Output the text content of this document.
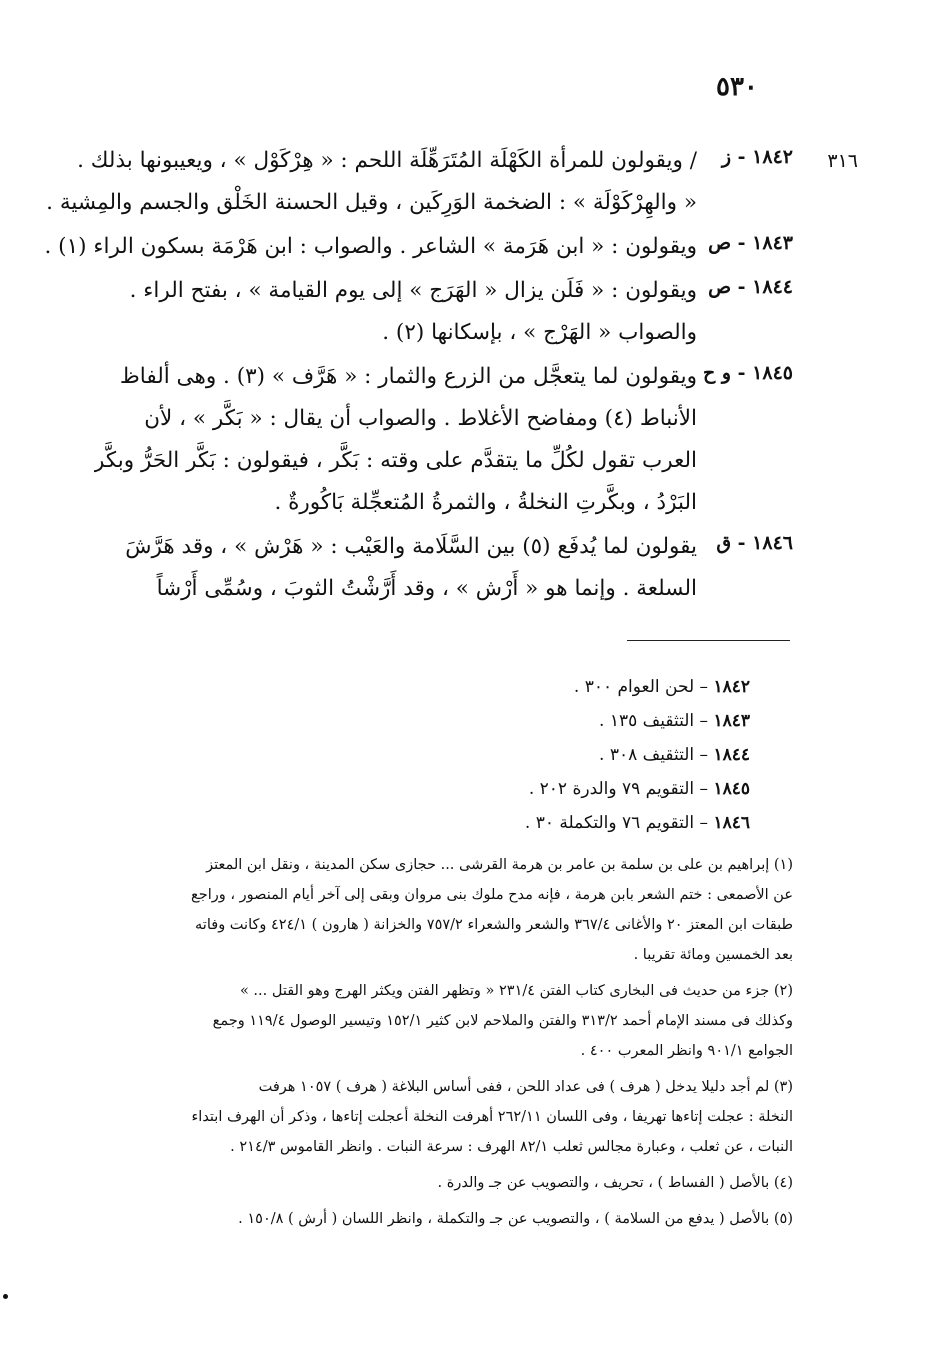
٥٣٠
٣١٦
١٨٤٢ - ز
/ ويقولون للمرأة الكَهْلَة المُتَرَهِّلَة اللحم : « هِرْكَوْل » ، ويعيبونها بذلك .
« والهِرْكَوْلَة » : الضخمة الوَرِكَين ، وقيل الحسنة الخَلْق والجسم والمِشية .
١٨٤٣ - ص
ويقولون : « ابن هَرَمة » الشاعر . والصواب : ابن هَرْمَة بسكون الراء (١) .
١٨٤٤ - ص
ويقولون : « فَلَن يزال « الهَرَج » إلى يوم القيامة » ، بفتح الراء .
والصواب « الهَرْج » ، بإسكانها (٢) .
١٨٤٥ - و ح
ويقولون لما يتعجَّل من الزرع والثمار : « هَرَّف » (٣) . وهى ألفاظ
الأنباط (٤) ومفاضح الأغلاط . والصواب أن يقال : « بَكَّر » ، لأن
العرب تقول لكُلِّ ما يتقدَّم على وقته : بَكَّر ، فيقولون : بَكَّر الحَرُّ وبكَّر
البَرْدُ ، وبكَّرتِ النخلةُ ، والثمرةُ المُتعجِّلة بَاكُورةٌ .
١٨٤٦ - ق
يقولون لما يُدفَع (٥) بين السَّلَامة والعَيْب : « هَرْش » ، وقد هَرَّشَ
السلعة . وإنما هو « أَرْش » ، وقد أَرَّشْتُ الثوبَ ، وسُمِّى أَرْشاً
١٨٤٢ – لحن العوام ٣٠٠ .
١٨٤٣ – التثقيف ١٣٥ .
١٨٤٤ – التثقيف ٣٠٨ .
١٨٤٥ – التقويم ٧٩ والدرة ٢٠٢ .
١٨٤٦ – التقويم ٧٦ والتكملة ٣٠ .
(١) إبراهيم بن على بن سلمة بن عامر بن هرمة القرشى ... حجازى سكن المدينة ، ونقل ابن المعتز
عن الأصمعى : ختم الشعر بابن هرمة ، فإنه مدح ملوك بنى مروان وبقى إلى آخر أيام المنصور ، وراجع
طبقات ابن المعتز ٢٠ والأغانى ٣٦٧/٤ والشعر والشعراء ٧٥٧/٢ والخزانة ( هارون ) ٤٢٤/١ وكانت وفاته
بعد الخمسين ومائة تقريبا .
(٢) جزء من حديث فى البخارى كتاب الفتن ٢٣١/٤ « وتظهر الفتن ويكثر الهرج وهو القتل ... »
وكذلك فى مسند الإمام أحمد ٣١٣/٢ والفتن والملاحم لابن كثير ١٥٢/١ وتيسير الوصول ١١٩/٤ وجمع
الجوامع ٩٠١/١ وانظر المعرب ٤٠٠ .
(٣) لم أجد دليلا يدخل ( هرف ) فى عداد اللحن ، ففى أساس البلاغة ( هرف ) ١٠٥٧ هرفت
النخلة : عجلت إتاءها تهريفا ، وفى اللسان ٢٦٢/١١ أهرفت النخلة أعجلت إتاءها ، وذكر أن الهرف ابتداء
النبات ، عن ثعلب ، وعبارة مجالس ثعلب ٨٢/١ الهرف : سرعة النبات . وانظر القاموس ٢١٤/٣ .
(٤) بالأصل ( الفساط ) ، تحريف ، والتصويب عن جـ والدرة .
(٥) بالأصل ( يدفع من السلامة ) ، والتصويب عن جـ والتكملة ، وانظر اللسان ( أرش ) ١٥٠/٨ .
